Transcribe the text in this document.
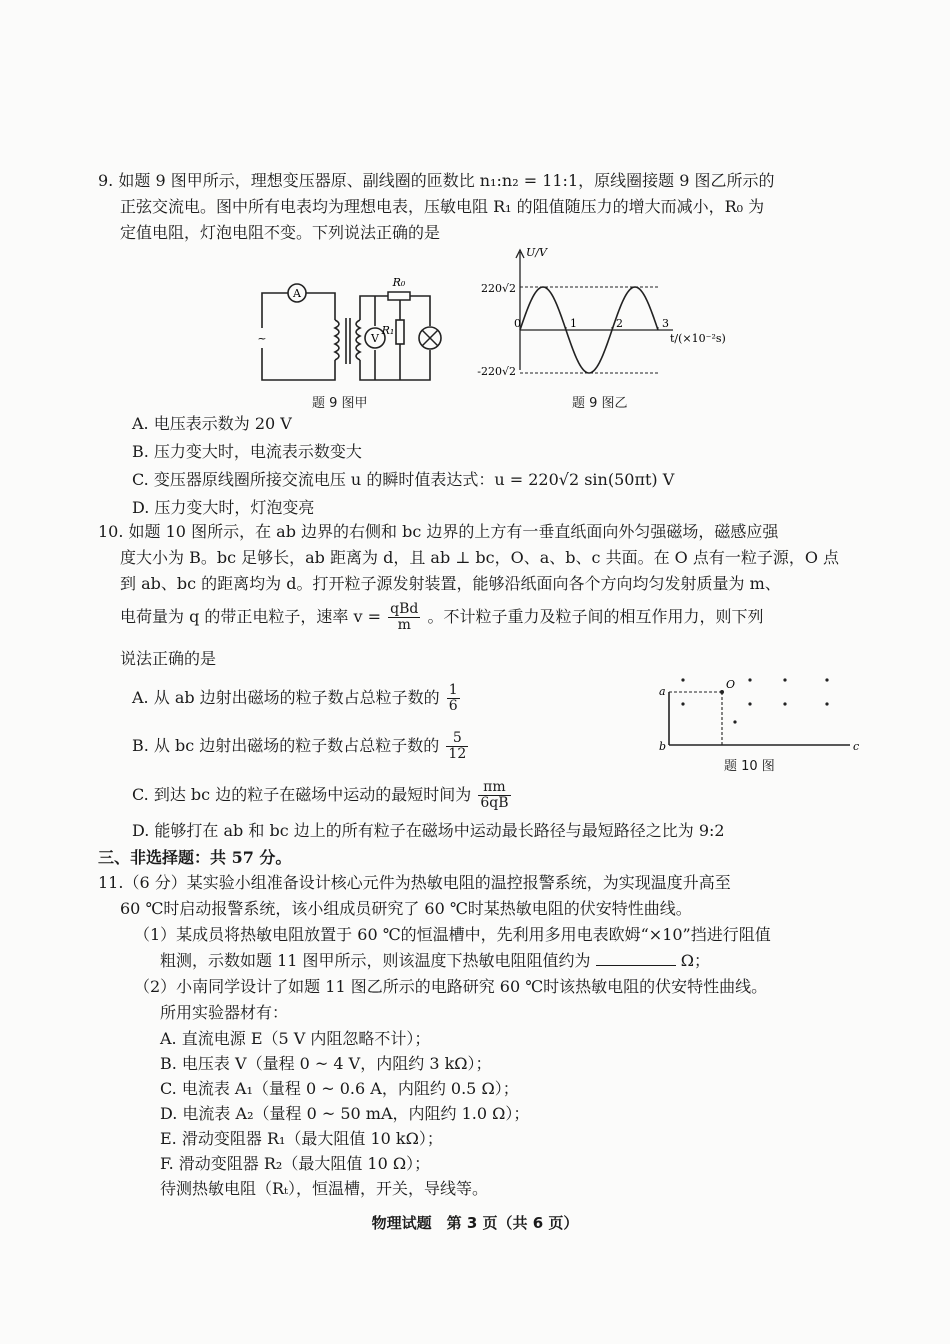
9. 如题 9 图甲所示，理想变压器原、副线圈的匝数比 n₁:n₂ = 11:1，原线圈接题 9 图乙所示的
正弦交流电。图中所有电表均为理想电表，压敏电阻 R₁ 的阻值随压力的增大而减小，R₀ 为
定值电阻，灯泡电阻不变。下列说法正确的是
A
~
R₀
V
R₁
题 9 图甲
U/V
t/(×10⁻²s)
220√2
-220√2
0	1	2	3
题 9 图乙
A. 电压表示数为 20 V
B. 压力变大时，电流表示数变大
C. 变压器原线圈所接交流电压 u 的瞬时值表达式：u = 220√2 sin(50πt) V
D. 压力变大时，灯泡变亮
10. 如题 10 图所示，在 ab 边界的右侧和 bc 边界的上方有一垂直纸面向外匀强磁场，磁感应强
度大小为 B。bc 足够长，ab 距离为 d，且 ab ⊥ bc，O、a、b、c 共面。在 O 点有一粒子源，O 点
到 ab、bc 的距离均为 d。打开粒子源发射装置，能够沿纸面向各个方向均匀发射质量为 m、
电荷量为 q 的带正电粒子，速率 $v = \frac{\text{qBd}}{m}$ 。不计粒子重力及粒子间的相互作用力，则下列
说法正确的是
A. 从 ab 边射出磁场的粒子数占总粒子数的 $\frac{1}{6}$
B. 从 bc 边射出磁场的粒子数占总粒子数的 $\frac{5}{12}$
C. 到达 bc 边的粒子在磁场中运动的最短时间为 $\frac{\pi m}{6qB}$
D. 能够打在 ab 和 bc 边上的所有粒子在磁场中运动最长路径与最短路径之比为 9:2
a
b	c
O
题 10 图
三、非选择题：共 57 分。
11.（6 分）某实验小组准备设计核心元件为热敏电阻的温控报警系统，为实现温度升高至
60 ℃时启动报警系统，该小组成员研究了 60 ℃时某热敏电阻的伏安特性曲线。
（1）某成员将热敏电阻放置于 60 ℃的恒温槽中，先利用多用电表欧姆“×10”挡进行阻值
粗测，示数如题 11 图甲所示，则该温度下热敏电阻阻值约为	Ω；
（2）小南同学设计了如题 11 图乙所示的电路研究 60 ℃时该热敏电阻的伏安特性曲线。
所用实验器材有：
A. 直流电源 E（5 V 内阻忽略不计）；
B. 电压表 V（量程 0 ~ 4 V，内阻约 3 kΩ）；
C. 电流表 A₁（量程 0 ~ 0.6 A，内阻约 0.5 Ω）；
D. 电流表 A₂（量程 0 ~ 50 mA，内阻约 1.0 Ω）；
E. 滑动变阻器 R₁（最大阻值 10 kΩ）；
F. 滑动变阻器 R₂（最大阻值 10 Ω）；
待测热敏电阻（Rₜ），恒温槽，开关，导线等。
物理试题　第 3 页（共 6 页）
